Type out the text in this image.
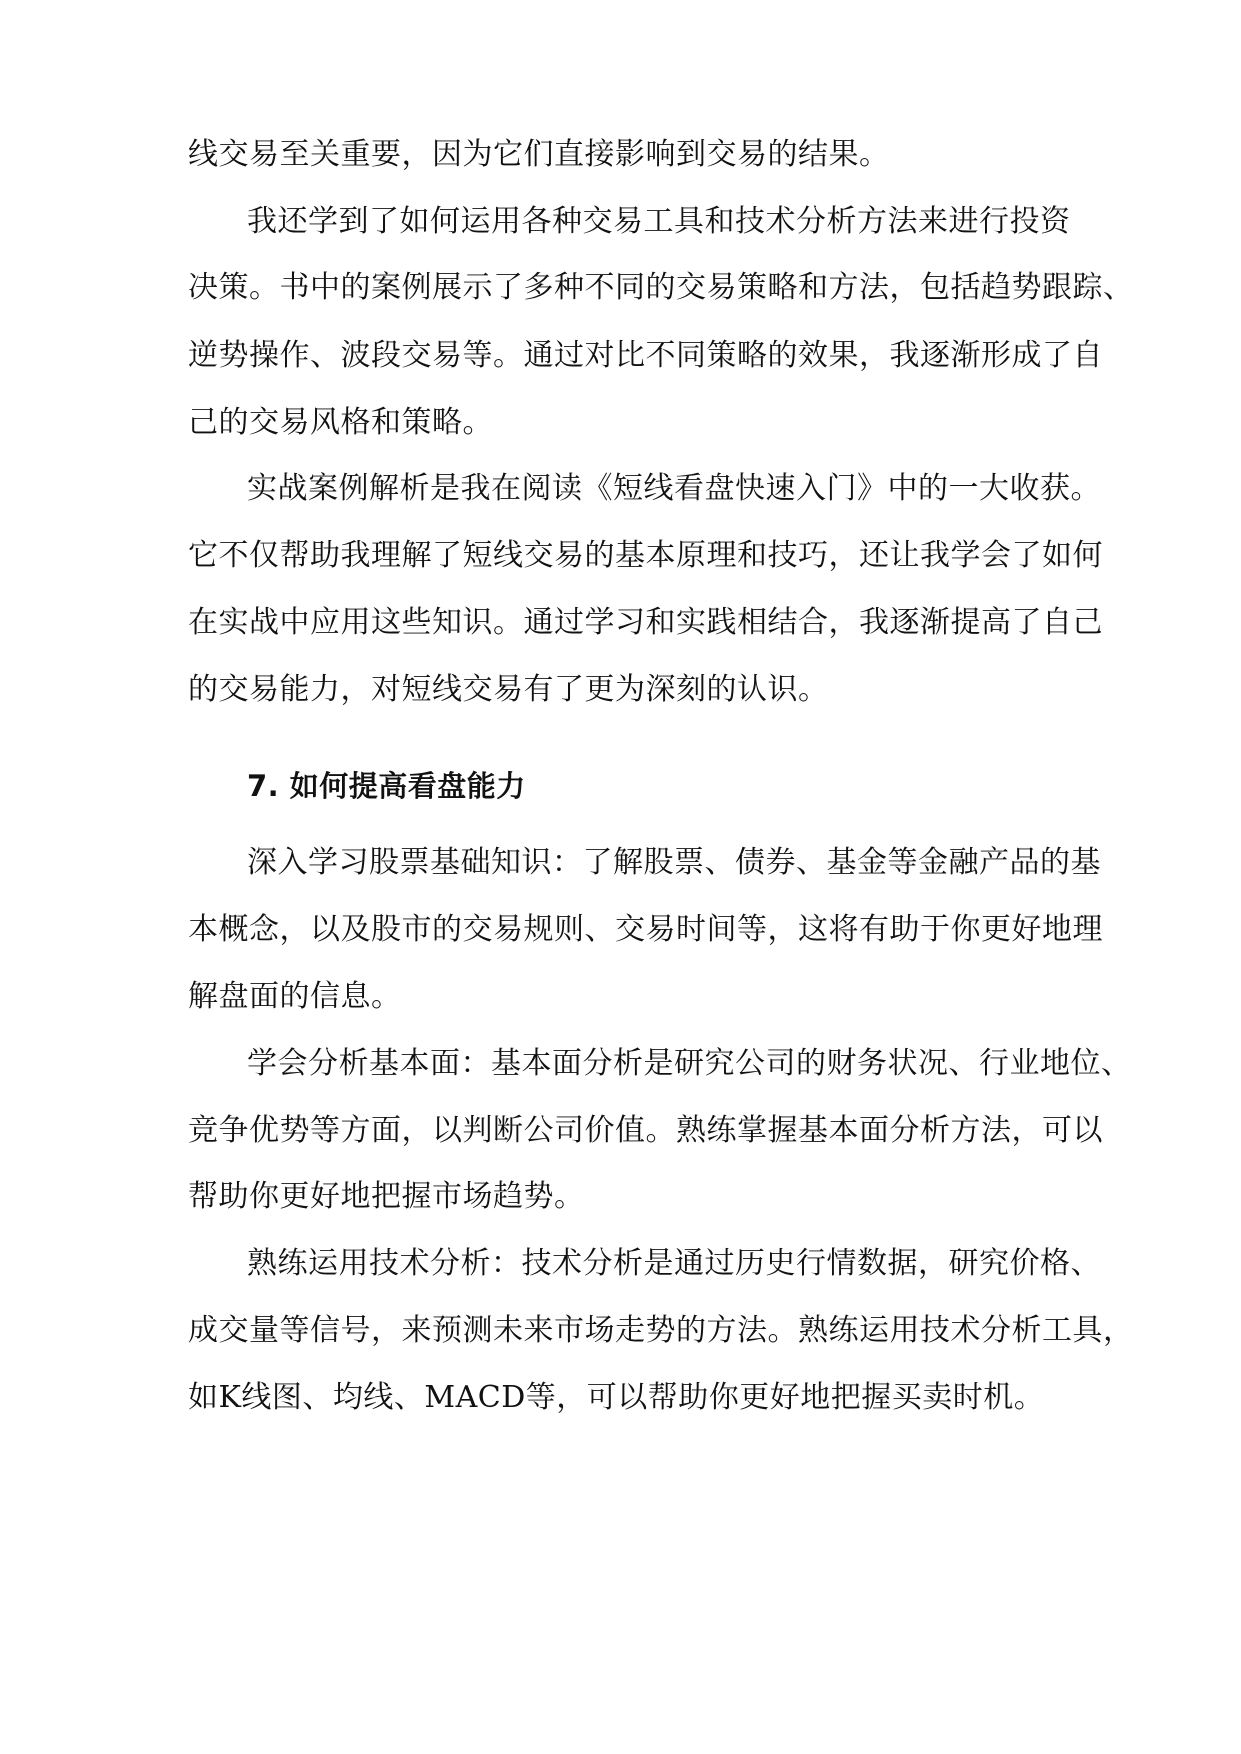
线交易至关重要，因为它们直接影响到交易的结果。
我还学到了如何运用各种交易工具和技术分析方法来进行投资
决策。书中的案例展示了多种不同的交易策略和方法，包括趋势跟踪、
逆势操作、波段交易等。通过对比不同策略的效果，我逐渐形成了自
己的交易风格和策略。
实战案例解析是我在阅读《短线看盘快速入门》中的一大收获。
它不仅帮助我理解了短线交易的基本原理和技巧，还让我学会了如何
在实战中应用这些知识。通过学习和实践相结合，我逐渐提高了自己
的交易能力，对短线交易有了更为深刻的认识。
7. 如何提高看盘能力
深入学习股票基础知识：了解股票、债券、基金等金融产品的基
本概念，以及股市的交易规则、交易时间等，这将有助于你更好地理
解盘面的信息。
学会分析基本面：基本面分析是研究公司的财务状况、行业地位、
竞争优势等方面，以判断公司价值。熟练掌握基本面分析方法，可以
帮助你更好地把握市场趋势。
熟练运用技术分析：技术分析是通过历史行情数据，研究价格、
成交量等信号，来预测未来市场走势的方法。熟练运用技术分析工具，
如K线图、均线、MACD等，可以帮助你更好地把握买卖时机。
